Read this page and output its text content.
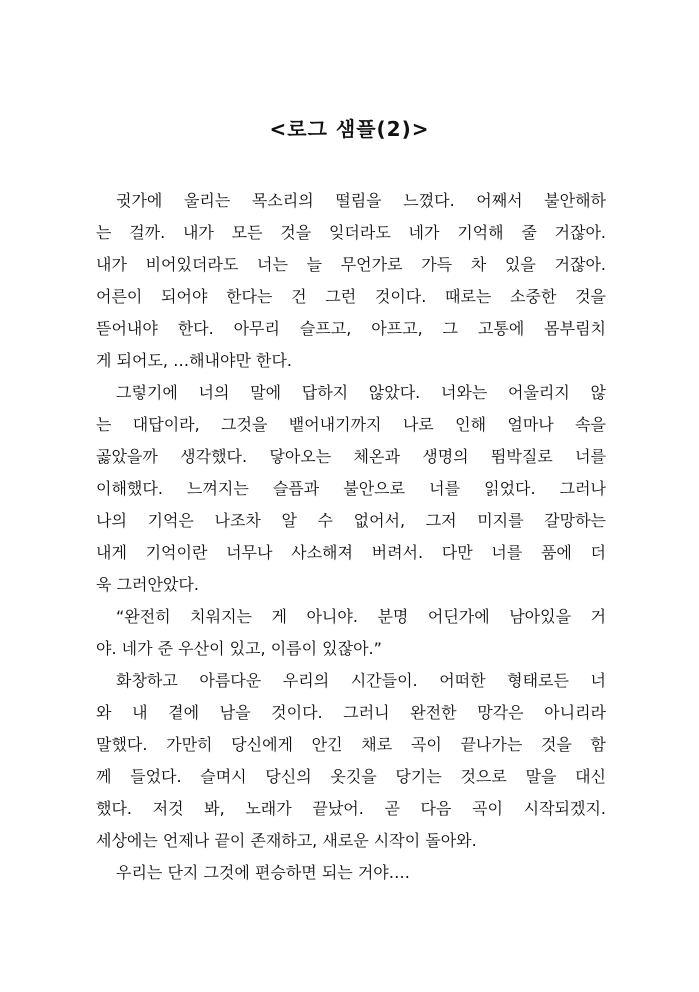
<로그 샘플(2)>
귓가에 울리는 목소리의 떨림을 느꼈다. 어째서 불안해하
는 걸까. 내가 모든 것을 잊더라도 네가 기억해 줄 거잖아.
내가 비어있더라도 너는 늘 무언가로 가득 차 있을 거잖아.
어른이 되어야 한다는 건 그런 것이다. 때로는 소중한 것을
뜯어내야 한다. 아무리 슬프고, 아프고, 그 고통에 몸부림치
게 되어도, …해내야만 한다.
그렇기에 너의 말에 답하지 않았다. 너와는 어울리지 않
는 대답이라, 그것을 뱉어내기까지 나로 인해 얼마나 속을
곯았을까 생각했다. 닿아오는 체온과 생명의 뜀박질로 너를
이해했다. 느껴지는 슬픔과 불안으로 너를 읽었다. 그러나
나의 기억은 나조차 알 수 없어서, 그저 미지를 갈망하는
내게 기억이란 너무나 사소해져 버려서. 다만 너를 품에 더
욱 그러안았다.
“완전히 치워지는 게 아니야. 분명 어딘가에 남아있을 거
야. 네가 준 우산이 있고, 이름이 있잖아.”
화창하고 아름다운 우리의 시간들이. 어떠한 형태로든 너
와 내 곁에 남을 것이다. 그러니 완전한 망각은 아니리라
말했다. 가만히 당신에게 안긴 채로 곡이 끝나가는 것을 함
께 들었다. 슬며시 당신의 옷깃을 당기는 것으로 말을 대신
했다. 저것 봐, 노래가 끝났어. 곧 다음 곡이 시작되겠지.
세상에는 언제나 끝이 존재하고, 새로운 시작이 돌아와.
우리는 단지 그것에 편승하면 되는 거야….
